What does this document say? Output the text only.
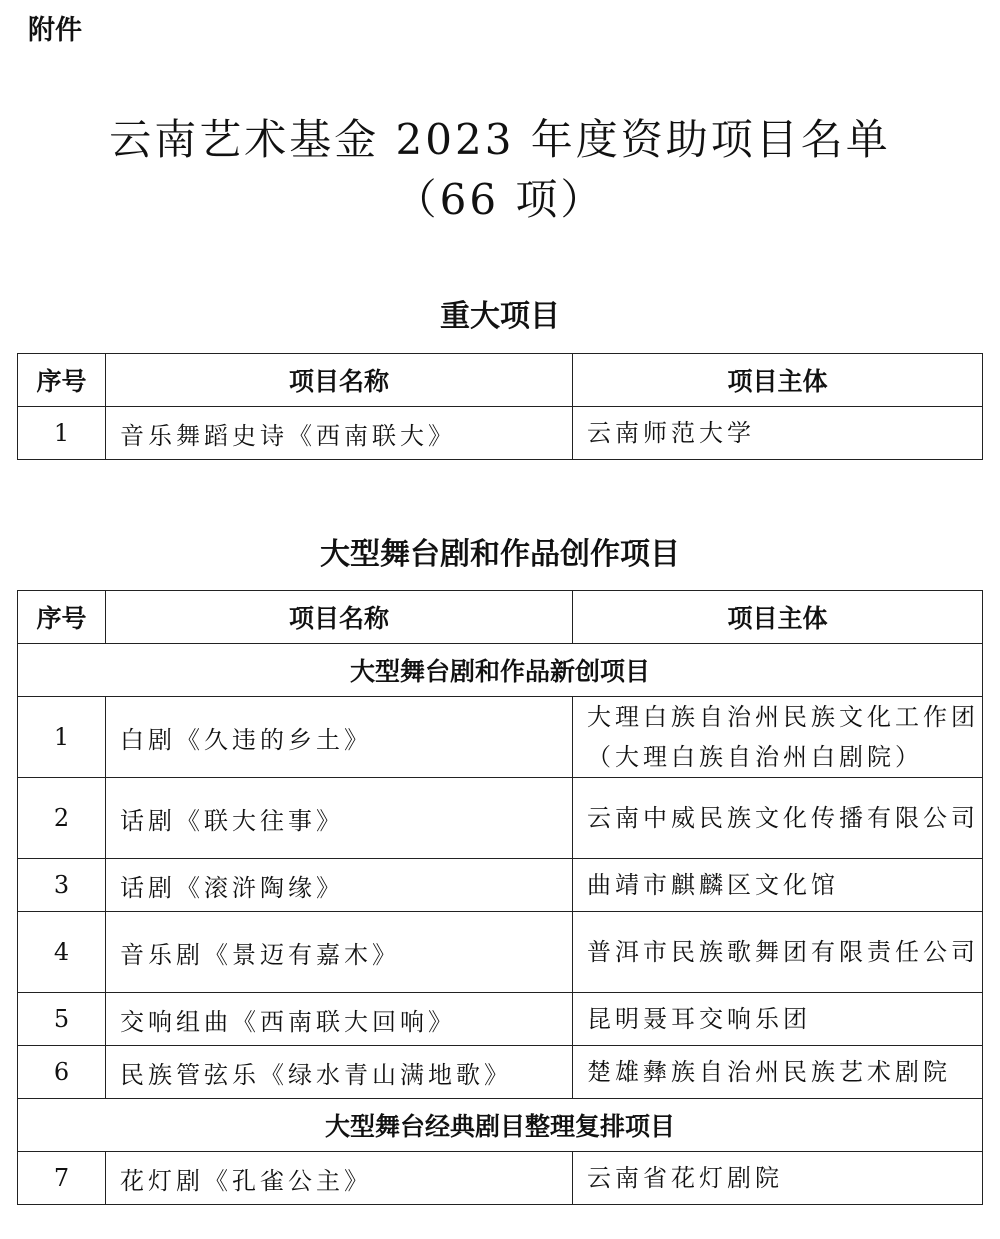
附件
云南艺术基金 2023 年度资助项目名单
（66 项）
重大项目
序号	项目名称	项目主体
1	音乐舞蹈史诗《西南联大》	云南师范大学
大型舞台剧和作品创作项目
序号	项目名称	项目主体
大型舞台剧和作品新创项目		
1	白剧《久违的乡土》	大理白族自治州民族文化工作团（大理白族自治州白剧院）
2	话剧《联大往事》	云南中威民族文化传播有限公司
3	话剧《滚浒陶缘》	曲靖市麒麟区文化馆
4	音乐剧《景迈有嘉木》	普洱市民族歌舞团有限责任公司
5	交响组曲《西南联大回响》	昆明聂耳交响乐团
6	民族管弦乐《绿水青山满地歌》	楚雄彝族自治州民族艺术剧院
大型舞台经典剧目整理复排项目		
7	花灯剧《孔雀公主》	云南省花灯剧院
